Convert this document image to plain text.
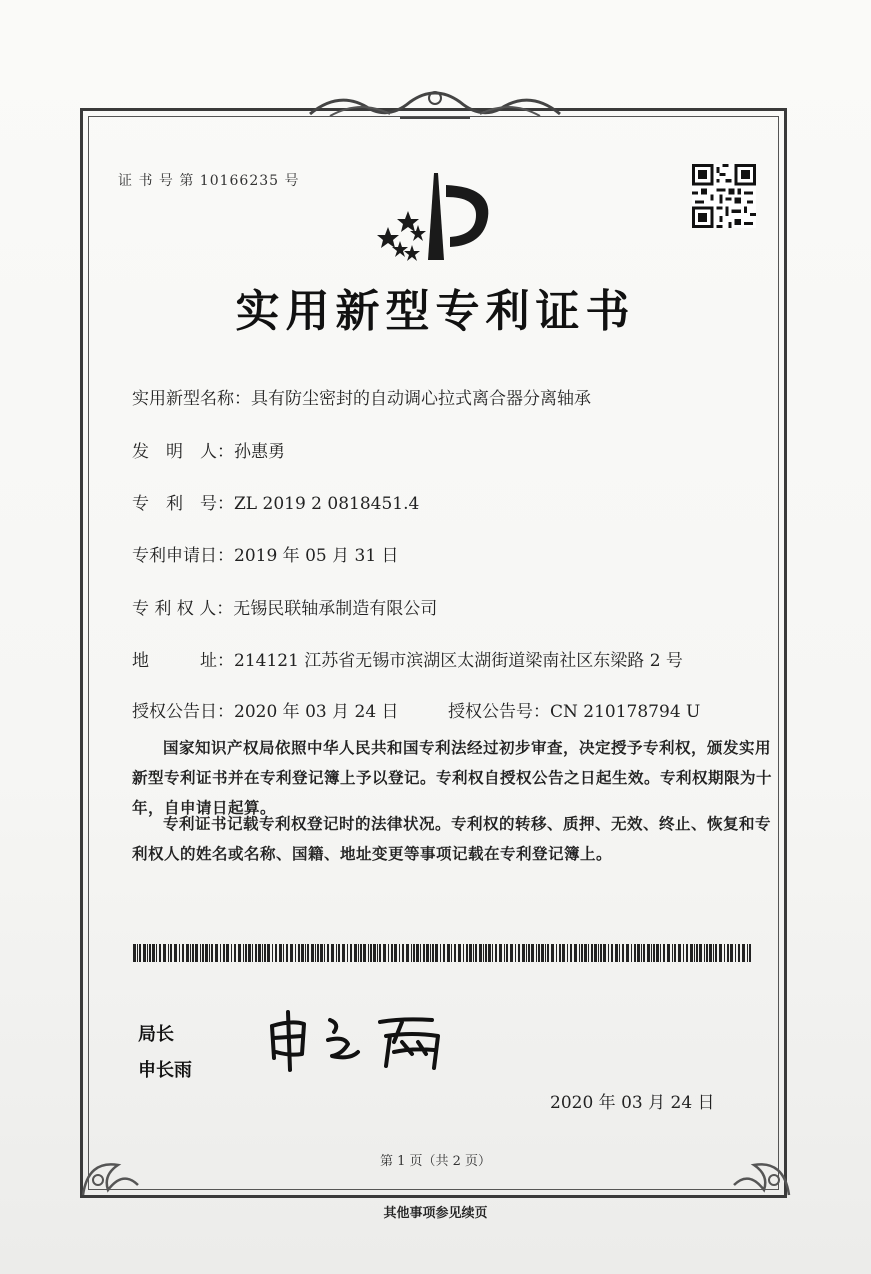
证 书 号 第 10166235 号
实用新型专利证书
实用新型名称：具有防尘密封的自动调心拉式离合器分离轴承
发　明　人：孙惠勇
专　利　号：ZL 2019 2 0818451.4
专利申请日：2019 年 05 月 31 日
专 利 权 人：无锡民联轴承制造有限公司
地　　　址：214121 江苏省无锡市滨湖区太湖街道梁南社区东梁路 2 号
授权公告日：2020 年 03 月 24 日	授权公告号：CN 210178794 U
国家知识产权局依照中华人民共和国专利法经过初步审查，决定授予专利权，颁发实用新型专利证书并在专利登记簿上予以登记。专利权自授权公告之日起生效。专利权期限为十年，自申请日起算。
专利证书记载专利权登记时的法律状况。专利权的转移、质押、无效、终止、恢复和专利权人的姓名或名称、国籍、地址变更等事项记载在专利登记簿上。
局长
申长雨
2020 年 03 月 24 日
第 1 页（共 2 页）
其他事项参见续页
